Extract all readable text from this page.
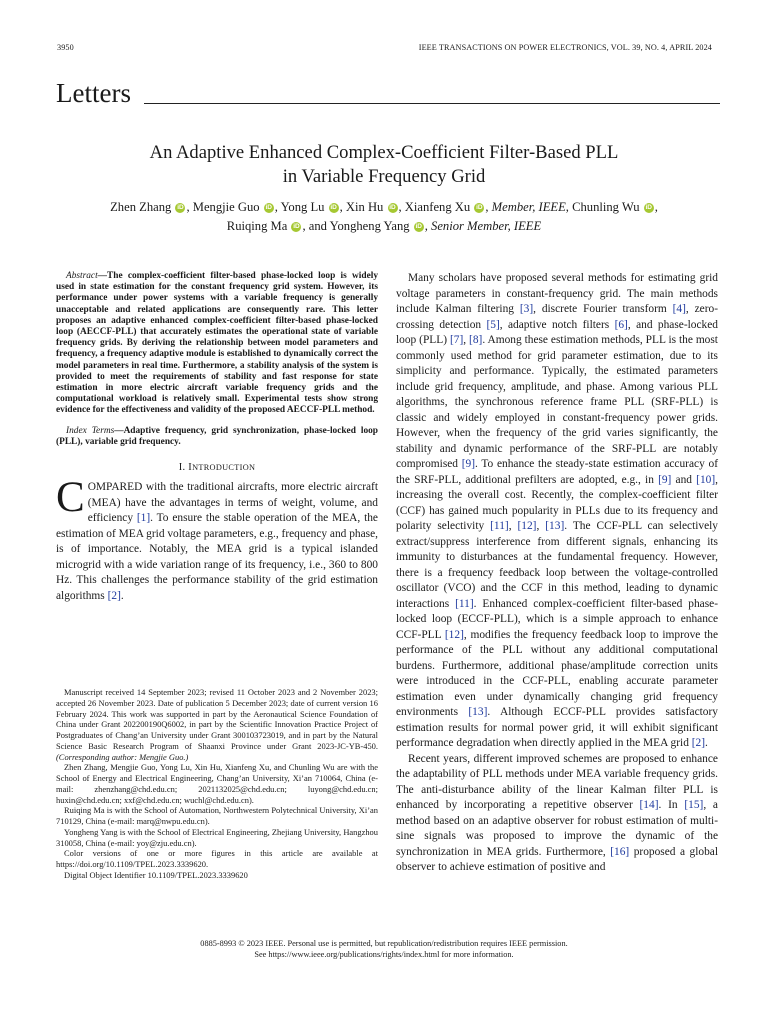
3950	IEEE TRANSACTIONS ON POWER ELECTRONICS, VOL. 39, NO. 4, APRIL 2024
Letters
An Adaptive Enhanced Complex-Coefficient Filter-Based PLL
in Variable Frequency Grid
Zhen Zhang iD , Mengjie Guo iD , Yong Lu iD , Xin Hu iD , Xianfeng Xu iD , Member, IEEE, Chunling Wu iD ,
Ruiqing Ma iD , and Yongheng Yang iD , Senior Member, IEEE

Abstract—The complex-coefficient filter-based phase-locked loop is widely used in state estimation for the constant frequency grid system. However, its performance under power systems with a variable frequency is generally unacceptable and related applications are consequently rare. This letter proposes an adaptive enhanced complex-coefficient filter-based phase-locked loop (AECCF-PLL) that accurately estimates the operational state of variable frequency grids. By deriving the relationship between model parameters and frequency, a frequency adaptive module is established to dynamically correct the model parameters in real time. Furthermore, a stability analysis of the system is provided to meet the requirements of stability and fast response for state estimation in more electric aircraft variable frequency grids and the computational workload is relatively small. Experimental tests show strong evidence for the effectiveness and validity of the proposed AECCF-PLL method.

Index Terms—Adaptive frequency, grid synchronization, phase-locked loop (PLL), variable grid frequency.

I. INTRODUCTION

COMPARED with the traditional aircrafts, more electric aircraft (MEA) have the advantages in terms of weight, volume, and efficiency [1]. To ensure the stable operation of the MEA, the estimation of MEA grid voltage parameters, e.g., frequency and phase, is of importance. Notably, the MEA grid is a typical islanded microgrid with a wide variation range of its frequency, i.e., 360 to 800 Hz. This challenges the performance stability of the grid estimation algorithms [2].

Manuscript received 14 September 2023; revised 11 October 2023 and 2 November 2023; accepted 26 November 2023. Date of publication 5 December 2023; date of current version 16 February 2024. This work was supported in part by the Aeronautical Science Foundation of China under Grant 202200190Q6002, in part by the Scientific Innovation Practice Project of Postgraduates of Chang’an University under Grant 300103723019, and in part by the Natural Science Basic Research Program of Shaanxi Province under Grant 2023-JC-YB-450. (Corresponding author: Mengjie Guo.)

Zhen Zhang, Mengjie Guo, Yong Lu, Xin Hu, Xianfeng Xu, and Chunling Wu are with the School of Energy and Electrical Engineering, Chang’an University, Xi’an 710064, China (e-mail: zhenzhang@chd.edu.cn; 2021132025@chd.edu.cn; luyong@chd.edu.cn; huxin@chd.edu.cn; xxf@chd.edu.cn; wuchl@chd.edu.cn).

Ruiqing Ma is with the School of Automation, Northwestern Polytechnical University, Xi’an 710129, China (e-mail: marq@nwpu.edu.cn).

Yongheng Yang is with the School of Electrical Engineering, Zhejiang University, Hangzhou 310058, China (e-mail: yoy@zju.edu.cn).

Color versions of one or more figures in this article are available at https://doi.org/10.1109/TPEL.2023.3339620.

Digital Object Identifier 10.1109/TPEL.2023.3339620

Many scholars have proposed several methods for estimating grid voltage parameters in constant-frequency grid. The main methods include Kalman filtering [3], discrete Fourier transform [4], zero-crossing detection [5], adaptive notch filters [6], and phase-locked loop (PLL) [7], [8]. Among these estimation methods, PLL is the most commonly used method for grid parameter estimation, due to its simplicity and performance. Typically, the estimated parameters include grid frequency, amplitude, and phase. Among various PLL algorithms, the synchronous reference frame PLL (SRF-PLL) is classic and widely employed in constant-frequency power grids. However, when the frequency of the grid varies significantly, the stability and dynamic performance of the SRF-PLL are notably compromised [9]. To enhance the steady-state estimation accuracy of the SRF-PLL, additional prefilters are adopted, e.g., in [9] and [10], increasing the overall cost. Recently, the complex-coefficient filter (CCF) has gained much popularity in PLLs due to its frequency and polarity selectivity [11], [12], [13]. The CCF-PLL can selectively extract/suppress interference from different signals, enhancing its immunity to disturbances at the fundamental frequency. However, there is a frequency feedback loop between the voltage-controlled oscillator (VCO) and the CCF in this method, leading to dynamic interactions [11]. Enhanced complex-coefficient filter-based phase-locked loop (ECCF-PLL), which is a simple approach to enhance CCF-PLL [12], modifies the frequency feedback loop to improve the performance of the PLL without any additional computational burdens. Furthermore, additional phase/amplitude correction units were introduced in the CCF-PLL, enabling accurate parameter estimation even under dynamically changing grid frequency environments [13]. Although ECCF-PLL provides satisfactory estimation results for normal power grid, it will exhibit significant performance degradation when directly applied in the MEA grid [2].

Recent years, different improved schemes are proposed to enhance the adaptability of PLL methods under MEA variable frequency grids. The anti-disturbance ability of the linear Kalman filter PLL is enhanced by incorporating a repetitive observer [14]. In [15], a method based on an adaptive observer for robust estimation of multi-sine signals was proposed to improve the dynamic of the synchronization in MEA grids. Furthermore, [16] proposed a global observer to achieve estimation of positive and

0885-8993 © 2023 IEEE. Personal use is permitted, but republication/redistribution requires IEEE permission.
See https://www.ieee.org/publications/rights/index.html for more information.
